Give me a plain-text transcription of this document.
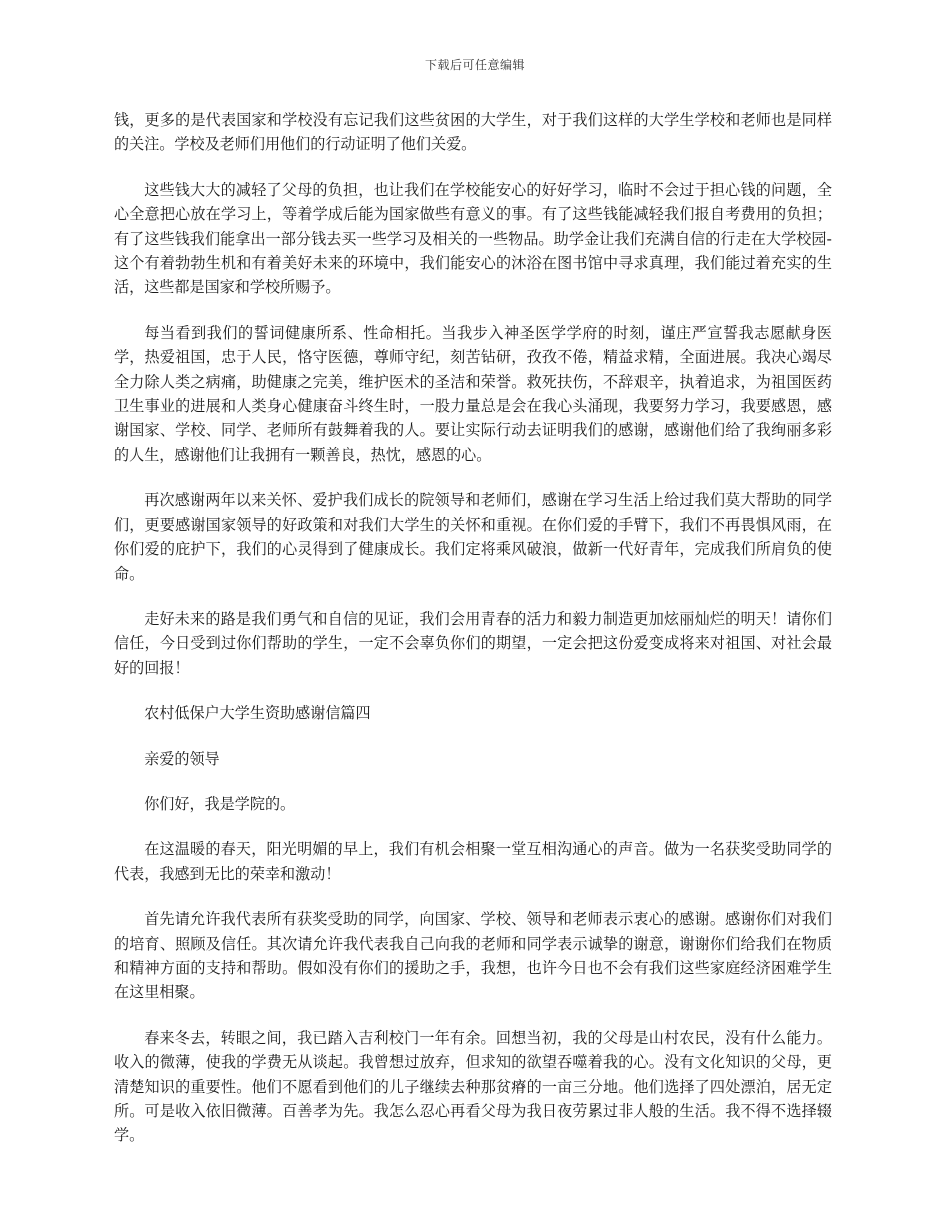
下载后可任意编辑

钱，更多的是代表国家和学校没有忘记我们这些贫困的大学生，对于我们这样的大学生学校和老师也是同样的关注。学校及老师们用他们的行动证明了他们关爱。

这些钱大大的减轻了父母的负担，也让我们在学校能安心的好好学习，临时不会过于担心钱的问题，全心全意把心放在学习上，等着学成后能为国家做些有意义的事。有了这些钱能减轻我们报自考费用的负担；有了这些钱我们能拿出一部分钱去买一些学习及相关的一些物品。助学金让我们充满自信的行走在大学校园-这个有着勃勃生机和有着美好未来的环境中，我们能安心的沐浴在图书馆中寻求真理，我们能过着充实的生活，这些都是国家和学校所赐予。

每当看到我们的誓词健康所系、性命相托。当我步入神圣医学学府的时刻，谨庄严宣誓我志愿献身医学，热爱祖国，忠于人民，恪守医德，尊师守纪，刻苦钻研，孜孜不倦，精益求精，全面进展。我决心竭尽全力除人类之病痛，助健康之完美，维护医术的圣洁和荣誉。救死扶伤，不辞艰辛，执着追求，为祖国医药卫生事业的进展和人类身心健康奋斗终生时，一股力量总是会在我心头涌现，我要努力学习，我要感恩，感谢国家、学校、同学、老师所有鼓舞着我的人。要让实际行动去证明我们的感谢，感谢他们给了我绚丽多彩的人生，感谢他们让我拥有一颗善良，热忱，感恩的心。

再次感谢两年以来关怀、爱护我们成长的院领导和老师们，感谢在学习生活上给过我们莫大帮助的同学们，更要感谢国家领导的好政策和对我们大学生的关怀和重视。在你们爱的手臂下，我们不再畏惧风雨，在你们爱的庇护下，我们的心灵得到了健康成长。我们定将乘风破浪，做新一代好青年，完成我们所肩负的使命。

走好未来的路是我们勇气和自信的见证，我们会用青春的活力和毅力制造更加炫丽灿烂的明天！请你们信任，今日受到过你们帮助的学生，一定不会辜负你们的期望，一定会把这份爱变成将来对祖国、对社会最好的回报！

农村低保户大学生资助感谢信篇四

亲爱的领导

你们好，我是学院的。

在这温暖的春天，阳光明媚的早上，我们有机会相聚一堂互相沟通心的声音。做为一名获奖受助同学的代表，我感到无比的荣幸和激动！

首先请允许我代表所有获奖受助的同学，向国家、学校、领导和老师表示衷心的感谢。感谢你们对我们的培育、照顾及信任。其次请允许我代表我自己向我的老师和同学表示诚挚的谢意，谢谢你们给我们在物质和精神方面的支持和帮助。假如没有你们的援助之手，我想，也许今日也不会有我们这些家庭经济困难学生在这里相聚。

春来冬去，转眼之间，我已踏入吉利校门一年有余。回想当初，我的父母是山村农民，没有什么能力。收入的微薄，使我的学费无从谈起。我曾想过放弃，但求知的欲望吞噬着我的心。没有文化知识的父母，更清楚知识的重要性。他们不愿看到他们的儿子继续去种那贫瘠的一亩三分地。他们选择了四处漂泊，居无定所。可是收入依旧微薄。百善孝为先。我怎么忍心再看父母为我日夜劳累过非人般的生活。我不得不选择辍学。
